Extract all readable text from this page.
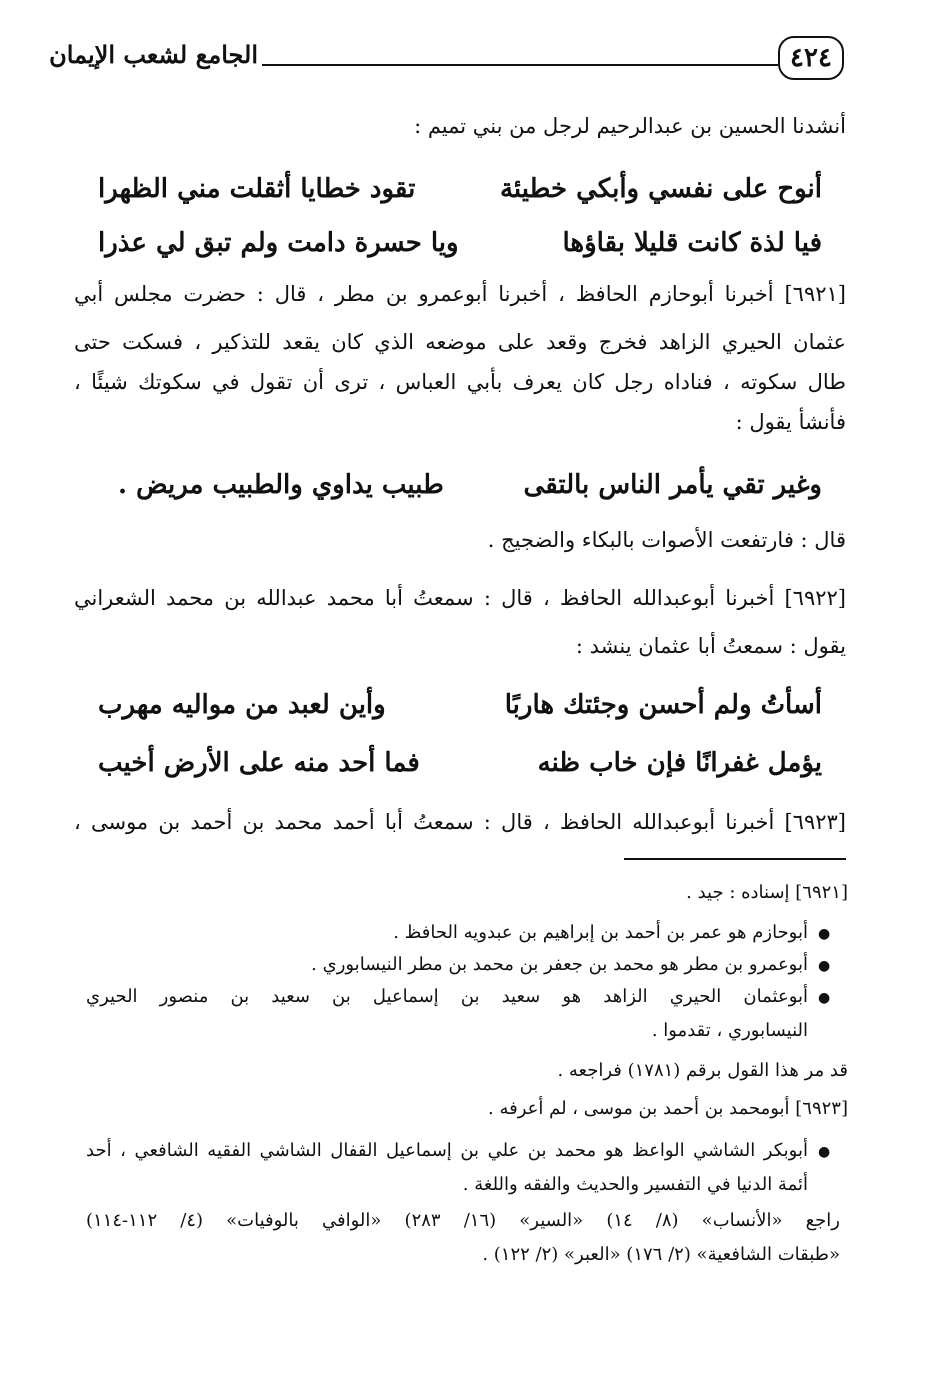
٤٢٤
الجامع لشعب الإيمان
أنشدنا الحسين بن عبدالرحيم لرجل من بني تميم :
أنوح على نفسي وأبكي خطيئة
تقود خطايا أثقلت مني الظهرا
فيا لذة كانت قليلا بقاؤها
ويا حسرة دامت ولم تبق لي عذرا
[٦٩٢١] أخبرنا أبوحازم الحافظ ، أخبرنا أبوعمرو بن مطر ، قال : حضرت مجلس أبي
عثمان الحيري الزاهد فخرج وقعد على موضعه الذي كان يقعد للتذكير ، فسكت حتى
طال سكوته ، فناداه رجل كان يعرف بأبي العباس ، ترى أن تقول في سكوتك شيئًا ،
فأنشأ يقول :
وغير تقي يأمر الناس بالتقى
طبيب يداوي والطبيب مريض .
قال : فارتفعت الأصوات بالبكاء والضجيج .
[٦٩٢٢] أخبرنا أبوعبدالله الحافظ ، قال : سمعتُ أبا محمد عبدالله بن محمد الشعراني
يقول : سمعتُ أبا عثمان ينشد :
أسأتُ ولم أحسن وجئتك هاربًا
وأين لعبد من مواليه مهرب
يؤمل غفرانًا فإن خاب ظنه
فما أحد منه على الأرض أخيب
[٦٩٢٣] أخبرنا أبوعبدالله الحافظ ، قال : سمعتُ أبا أحمد محمد بن أحمد بن موسى ،
[٦٩٢١] إسناده : جيد .
●
أبوحازم هو عمر بن أحمد بن إبراهيم بن عبدويه الحافظ .
●
أبوعمرو بن مطر هو محمد بن جعفر بن محمد بن مطر النيسابوري .
●
أبوعثمان الحيري الزاهد هو سعيد بن إسماعيل بن سعيد بن منصور الحيري
النيسابوري ، تقدموا .
قد مر هذا القول برقم (١٧٨١) فراجعه .
[٦٩٢٣] أبومحمد بن أحمد بن موسى ، لم أعرفه .
●
أبوبكر الشاشي الواعظ هو محمد بن علي بن إسماعيل القفال الشاشي الفقيه الشافعي ، أحد
أئمة الدنيا في التفسير والحديث والفقه واللغة .
راجع «الأنساب» (٨/ ١٤) «السير» (١٦/ ٢٨٣) «الوافي بالوفيات» (٤/ ١١٢-١١٤)
«طبقات الشافعية» (٢/ ١٧٦) «العبر» (٢/ ١٢٢) .
